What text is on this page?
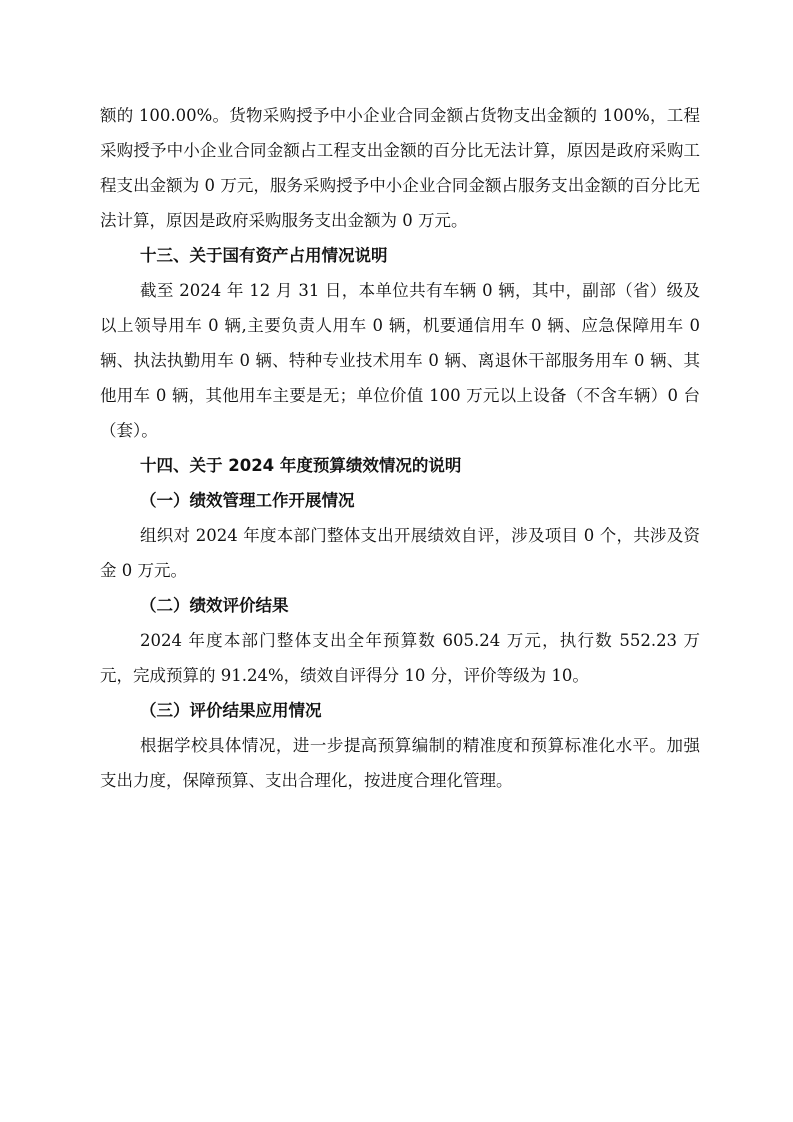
额的 100.00%。货物采购授予中小企业合同金额占货物支出金额的 100%，工程采购授予中小企业合同金额占工程支出金额的百分比无法计算，原因是政府采购工程支出金额为 0 万元，服务采购授予中小企业合同金额占服务支出金额的百分比无法计算，原因是政府采购服务支出金额为 0 万元。

十三、关于国有资产占用情况说明

截至 2024 年 12 月 31 日，本单位共有车辆 0 辆，其中，副部（省）级及以上领导用车 0 辆,主要负责人用车 0 辆，机要通信用车 0 辆、应急保障用车 0 辆、执法执勤用车 0 辆、特种专业技术用车 0 辆、离退休干部服务用车 0 辆、其他用车 0 辆，其他用车主要是无；单位价值 100 万元以上设备（不含车辆）0 台（套）。

十四、关于 2024 年度预算绩效情况的说明
（一）绩效管理工作开展情况

组织对 2024 年度本部门整体支出开展绩效自评，涉及项目 0 个，共涉及资金 0 万元。

（二）绩效评价结果

2024 年度本部门整体支出全年预算数 605.24 万元，执行数 552.23 万元，完成预算的 91.24%，绩效自评得分 10 分，评价等级为 10。

（三）评价结果应用情况

根据学校具体情况，进一步提高预算编制的精准度和预算标准化水平。加强支出力度，保障预算、支出合理化，按进度合理化管理。
